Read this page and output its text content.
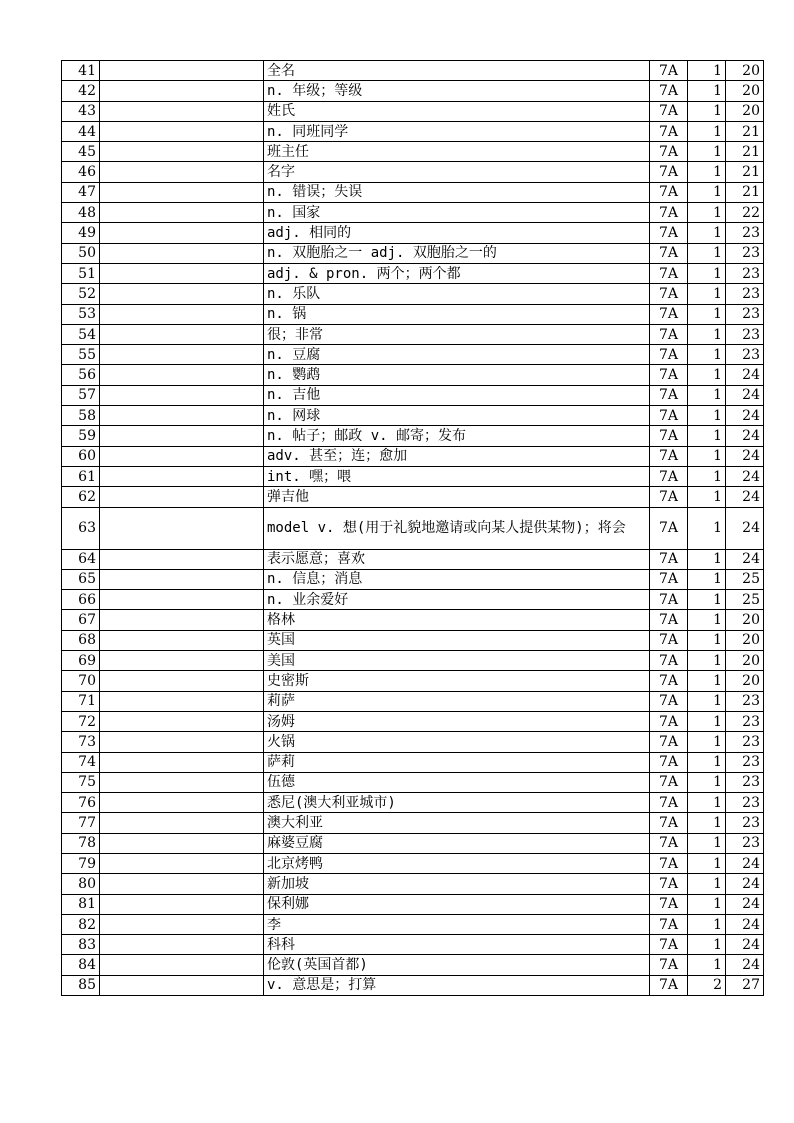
41		全名	7A	1	20
42		n. 年级；等级	7A	1	20
43		姓氏	7A	1	20
44		n. 同班同学	7A	1	21
45		班主任	7A	1	21
46		名字	7A	1	21
47		n. 错误；失误	7A	1	21
48		n. 国家	7A	1	22
49		adj. 相同的	7A	1	23
50		n. 双胞胎之一 adj. 双胞胎之一的	7A	1	23
51		adj. & pron. 两个；两个都	7A	1	23
52		n. 乐队	7A	1	23
53		n. 锅	7A	1	23
54		很；非常	7A	1	23
55		n. 豆腐	7A	1	23
56		n. 鹦鹉	7A	1	24
57		n. 吉他	7A	1	24
58		n. 网球	7A	1	24
59		n. 帖子；邮政 v. 邮寄；发布	7A	1	24
60		adv. 甚至；连；愈加	7A	1	24
61		int. 嘿；喂	7A	1	24
62		弹吉他	7A	1	24
63		model v. 想(用于礼貌地邀请或向某人提供某物)；将会	7A	1	24
64		表示愿意；喜欢	7A	1	24
65		n. 信息；消息	7A	1	25
66		n. 业余爱好	7A	1	25
67		格林	7A	1	20
68		英国	7A	1	20
69		美国	7A	1	20
70		史密斯	7A	1	20
71		莉萨	7A	1	23
72		汤姆	7A	1	23
73		火锅	7A	1	23
74		萨莉	7A	1	23
75		伍德	7A	1	23
76		悉尼(澳大利亚城市)	7A	1	23
77		澳大利亚	7A	1	23
78		麻婆豆腐	7A	1	23
79		北京烤鸭	7A	1	24
80		新加坡	7A	1	24
81		保利娜	7A	1	24
82		李	7A	1	24
83		科科	7A	1	24
84		伦敦(英国首都)	7A	1	24
85		v. 意思是；打算	7A	2	27
